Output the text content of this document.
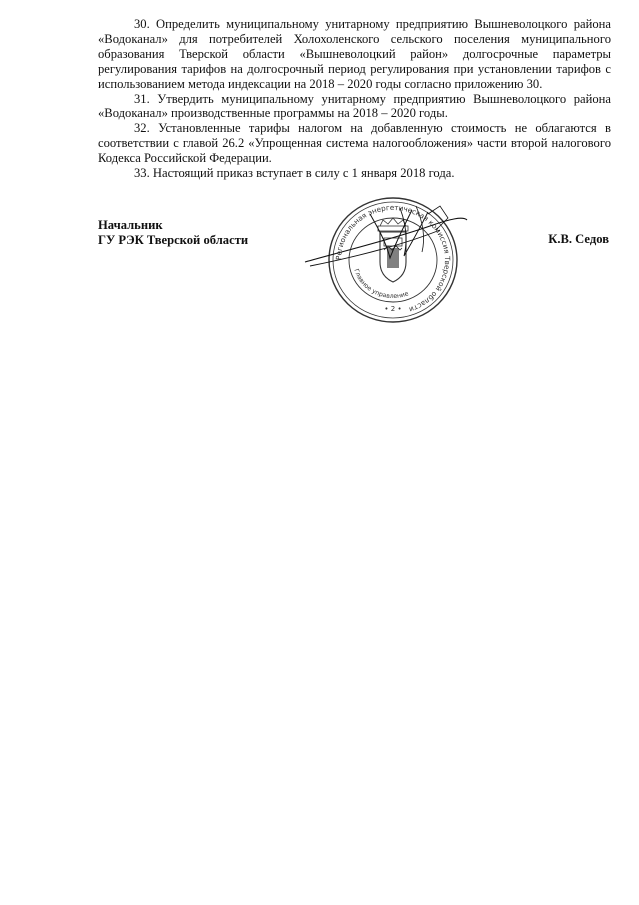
30. Определить муниципальному унитарному предприятию Вышневолоцкого района «Водоканал» для потребителей Холохоленского сельского поселения муниципального образования Тверской области «Вышневолоцкий район» долгосрочные параметры регулирования тарифов на долгосрочный период регулирования при установлении тарифов с использованием метода индексации на 2018 – 2020 годы согласно приложению 30.

31. Утвердить муниципальному унитарному предприятию Вышневолоцкого района «Водоканал» производственные программы на 2018 – 2020 годы.

32. Установленные тарифы налогом на добавленную стоимость не облагаются в соответствии с главой 26.2 «Упрощенная система налогообложения» части второй налогового Кодекса Российской Федерации.

33. Настоящий приказ вступает в силу с 1 января 2018 года.

Начальник
ГУ РЭК Тверской области	К.В. Седов
Региональная энергетическая комиссия Тверской области
Главное управление
• 2 •
